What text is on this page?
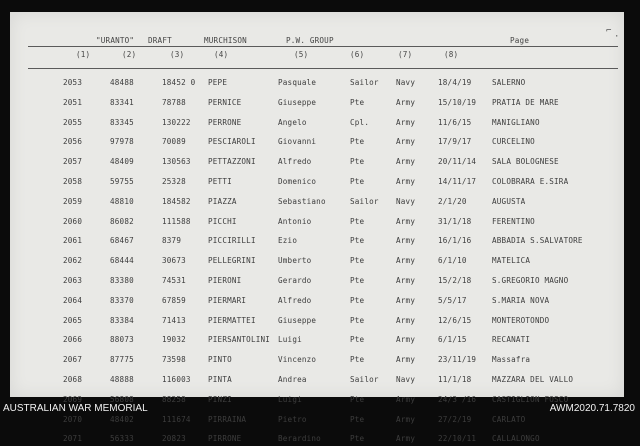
⌐
·
"URANTO" DRAFT	MURCHISON	P.W. GROUP	Page
(1)	(2)	(3)	(4)	(5)	(6)	(7)	(8)
2053	48488	18452 0 PEPE	Pasquale	Sailor Navy	18/4/19	SALERNO
2051	83341	78788	PERNICE	Giuseppe	Pte	Army	15/10/19 PRATIA DE MARE
2055	83345	130222 PERRONE	Angelo	Cpl.	Army	11/6/15	MANIGLIANO
2056	97978	70089	PESCIAROLI	Giovanni	Pte	Army	17/9/17	CURCELINO
2057	48409	130563 PETTAZZONI	Alfredo	Pte	Army	20/11/14 SALA BOLOGNESE
2058	59755	25328	PETTI	Domenico	Pte	Army	14/11/17 COLOBRARA E.SIRA
2059	48810	184582 PIAZZA	Sebastiano	Sailor Navy	2/1/20	AUGUSTA
2060	86082	111588 PICCHI	Antonio	Pte	Army	31/1/18	FERENTINO
2061	68467	8379	PICCIRILLI	Ezio	Pte	Army	16/1/16	ABBADIA S.SALVATORE
2062	68444	30673	PELLEGRINI	Umberto	Pte	Army	6/1/10	MATELICA
2063	83380	74531	PIERONI	Gerardo	Pte	Army	15/2/18	S.GREGORIO MAGNO
2064	83370	67859	PIERMARI	Alfredo	Pte	Army	5/5/17	S.MARIA NOVA
2065	83384	71413	PIERMATTEI	Giuseppe	Pte	Army	12/6/15	MONTEROTONDO
2066	88073	19032	PIERSANTOLINI Luigi	Pte	Army	6/1/15	RECANATI
2067	87775	73598	PINTO	Vincenzo	Pte	Army	23/11/19 Massafra
2068	48888	116003 PINTA	Andrea	Sailor Navy	11/1/18	MAZZARA DEL VALLO
2069	56808	88258	PINZI	Luigi	Pte	Army	24/3 /16 CASTIGLION FOSCO
2070	48402	111674 PIRRAINA	Pietro	Pte	Army	27/2/19	CARLATO
2071	56333	20823	PIRRONE	Berardino	Pte	Army	22/10/11 CALLALONGO
AUSTRALIAN WAR MEMORIAL	AWM2020.71.7820
